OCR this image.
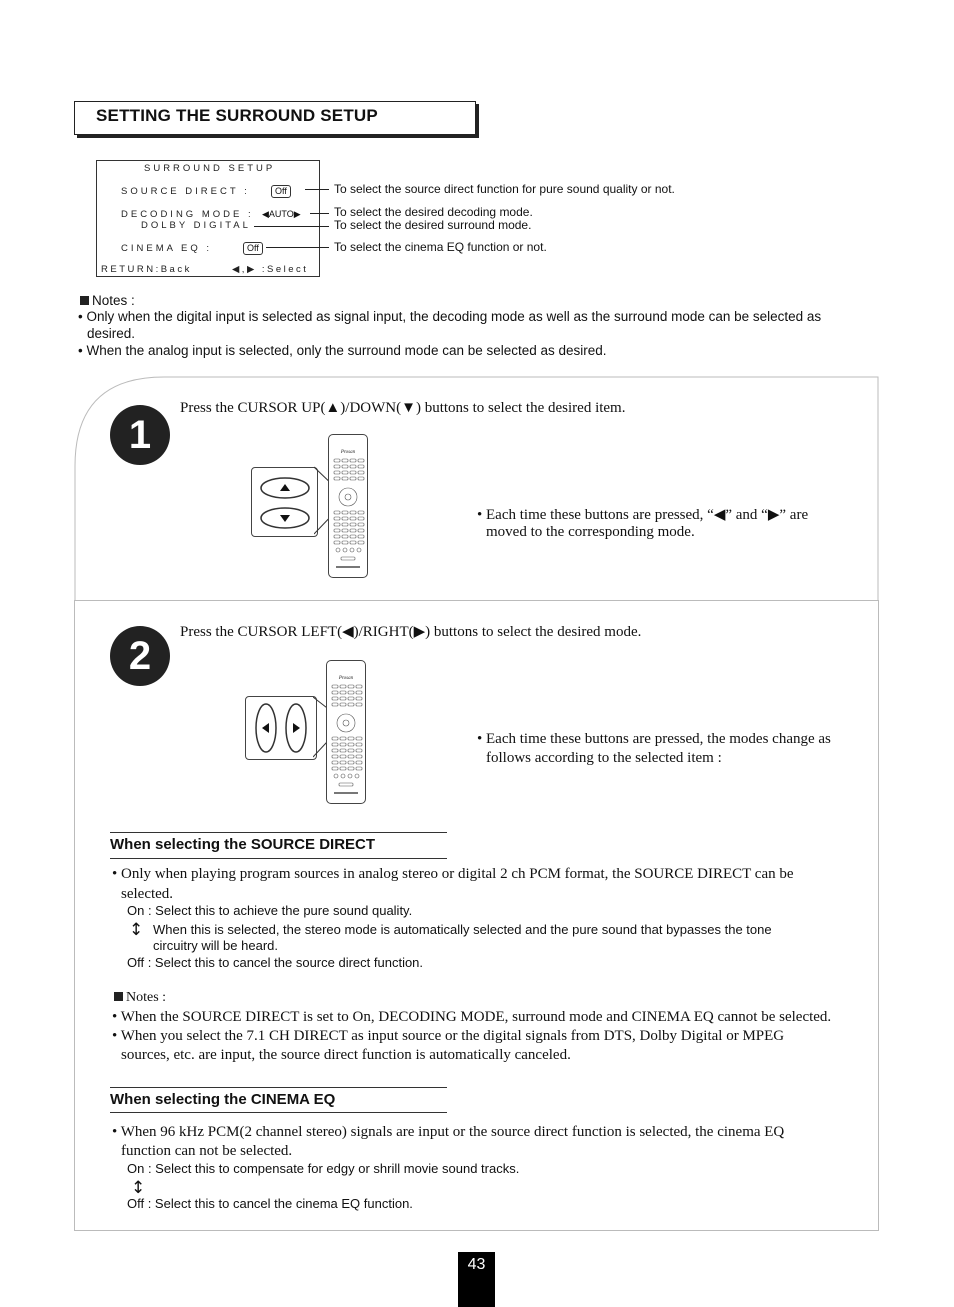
SETTING THE SURROUND SETUP
SURROUND SETUP
SOURCE DIRECT :	Off
DECODING MODE : ◀AUTO▶
DOLBY DIGITAL
CINEMA EQ :	Off
RETURN:Back	◀,▶ :Select
To select the source direct function for pure sound quality or not.
To select the desired decoding mode.
To select the desired surround mode.
To select the cinema EQ function or not.
Notes :
• Only when the digital input is selected as signal input, the decoding mode as well as the surround mode can be selected as
desired.
• When the analog input is selected, only the surround mode can be selected as desired.
1
Press the CURSOR UP(▲)/DOWN(▼) buttons to select the desired item.
Prosan
• Each time these buttons are pressed, “◀” and “▶” are
moved to the corresponding mode.
2
Press the CURSOR LEFT(◀)/RIGHT(▶) buttons to select the desired mode.
Prosan
• Each time these buttons are pressed, the modes change as
follows according to the selected item :
When selecting the SOURCE DIRECT
• Only when playing program sources in analog stereo or digital 2 ch PCM format, the SOURCE DIRECT can be
selected.
On : Select this to achieve the pure sound quality.
↕ When this is selected, the stereo mode is automatically selected and the pure sound that bypasses the tone
circuitry will be heard.
Off : Select this to cancel the source direct function.
Notes :
• When the SOURCE DIRECT is set to On, DECODING MODE, surround mode and CINEMA EQ cannot be selected.
• When you select the 7.1 CH DIRECT as input source or the digital signals from DTS, Dolby Digital or MPEG
sources, etc. are input, the source direct function is automatically canceled.
When selecting the CINEMA EQ
• When 96 kHz PCM(2 channel stereo) signals are input or the source direct function is selected, the cinema EQ
function can not be selected.
On : Select this to compensate for edgy or shrill movie sound tracks.
↕
Off : Select this to cancel the cinema EQ function.
43
